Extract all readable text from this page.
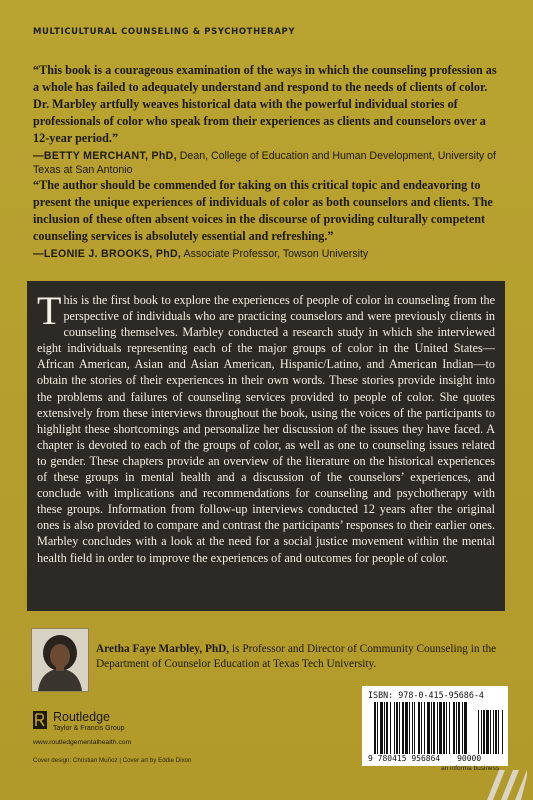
MULTICULTURAL COUNSELING & PSYCHOTHERAPY
“This book is a courageous examination of the ways in which the counseling profession as a whole has failed to adequately understand and respond to the needs of clients of color. Dr. Marbley artfully weaves historical data with the powerful individual stories of professionals of color who speak from their experiences as clients and counselors over a 12-year period.”
—BETTY MERCHANT, PhD, Dean, College of Education and Human Development, University of Texas at San Antonio
“The author should be commended for taking on this critical topic and endeavoring to present the unique experiences of individuals of color as both counselors and clients. The inclusion of these often absent voices in the discourse of providing culturally competent counseling services is absolutely essential and refreshing.”
—LEONIE J. BROOKS, PhD, Associate Professor, Towson University

This is the first book to explore the experiences of people of color in counseling from the perspective of individuals who are practicing counselors and were previously clients in counseling themselves. Marbley conducted a research study in which she interviewed eight individuals representing each of the major groups of color in the United States—African American, Asian and Asian American, Hispanic/Latino, and American Indian—to obtain the stories of their experiences in their own words. These stories provide insight into the problems and failures of counseling services provided to people of color. She quotes extensively from these interviews throughout the book, using the voices of the participants to highlight these shortcomings and personalize her discussion of the issues they have faced. A chapter is devoted to each of the groups of color, as well as one to counseling issues related to gender. These chapters provide an overview of the literature on the historical experiences of these groups in mental health and a discussion of the counselors’ experiences, and conclude with implications and recommendations for counseling and psychotherapy with these groups. Information from follow-up interviews conducted 12 years after the original ones is also provided to compare and contrast the participants’ responses to their earlier ones. Marbley concludes with a look at the need for a social justice movement within the mental health field in order to improve the experiences of and outcomes for people of color.

Aretha Faye Marbley, PhD, is Professor and Director of Community Counseling in the Department of Counselor Education at Texas Tech University.
Routledge
Taylor & Francis Group
www.routledgementalhealth.com
Cover design: Christian Muñoz | Cover art by Eddie Dixon
ISBN: 978-0-415-95686-4
9 780415 956864 90000
an informa business
